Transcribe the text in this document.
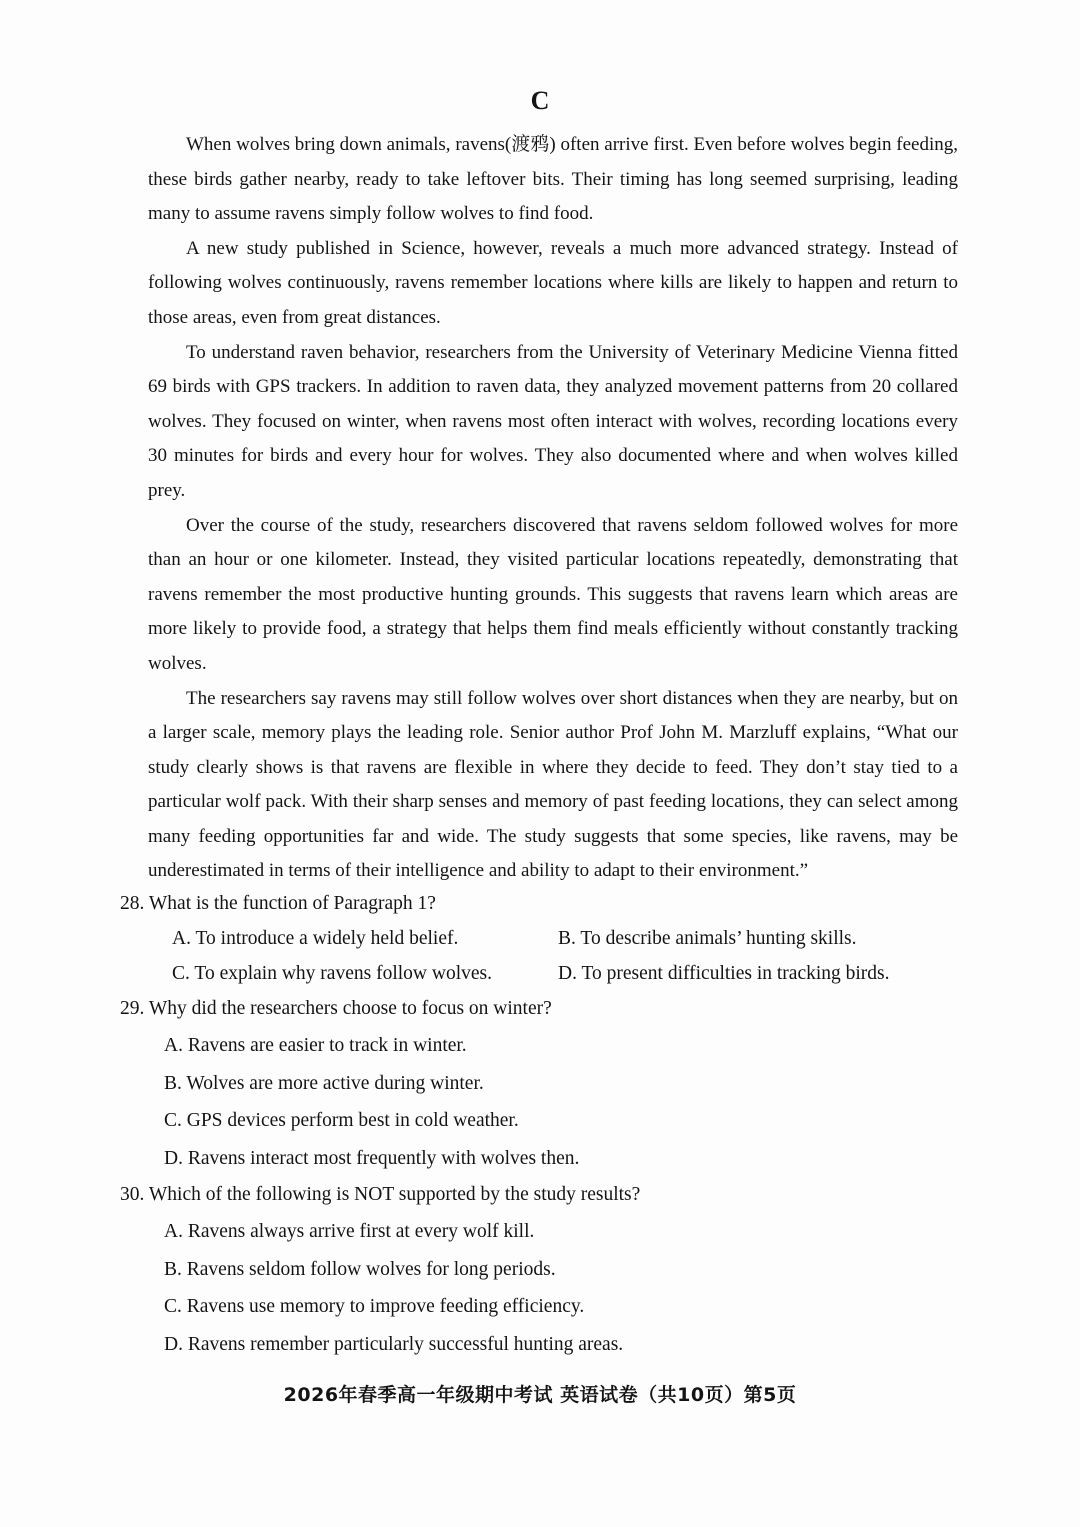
C

When wolves bring down animals, ravens(渡鸦) often arrive first. Even before wolves begin feeding, these birds gather nearby, ready to take leftover bits. Their timing has long seemed surprising, leading many to assume ravens simply follow wolves to find food.

A new study published in Science, however, reveals a much more advanced strategy. Instead of following wolves continuously, ravens remember locations where kills are likely to happen and return to those areas, even from great distances.

To understand raven behavior, researchers from the University of Veterinary Medicine Vienna fitted 69 birds with GPS trackers. In addition to raven data, they analyzed movement patterns from 20 collared wolves. They focused on winter, when ravens most often interact with wolves, recording locations every 30 minutes for birds and every hour for wolves. They also documented where and when wolves killed prey.

Over the course of the study, researchers discovered that ravens seldom followed wolves for more than an hour or one kilometer. Instead, they visited particular locations repeatedly, demonstrating that ravens remember the most productive hunting grounds. This suggests that ravens learn which areas are more likely to provide food, a strategy that helps them find meals efficiently without constantly tracking wolves.

The researchers say ravens may still follow wolves over short distances when they are nearby, but on a larger scale, memory plays the leading role. Senior author Prof John M. Marzluff explains, “What our study clearly shows is that ravens are flexible in where they decide to feed. They don’t stay tied to a particular wolf pack. With their sharp senses and memory of past feeding locations, they can select among many feeding opportunities far and wide. The study suggests that some species, like ravens, may be underestimated in terms of their intelligence and ability to adapt to their environment.”

28. What is the function of Paragraph 1?
A. To introduce a widely held belief.	B. To describe animals’ hunting skills.
C. To explain why ravens follow wolves.	D. To present difficulties in tracking birds.
29. Why did the researchers choose to focus on winter?
A. Ravens are easier to track in winter.
B. Wolves are more active during winter.
C. GPS devices perform best in cold weather.
D. Ravens interact most frequently with wolves then.
30. Which of the following is NOT supported by the study results?
A. Ravens always arrive first at every wolf kill.
B. Ravens seldom follow wolves for long periods.
C. Ravens use memory to improve feeding efficiency.
D. Ravens remember particularly successful hunting areas.
2026年春季高一年级期中考试 英语试卷（共10页）第5页
